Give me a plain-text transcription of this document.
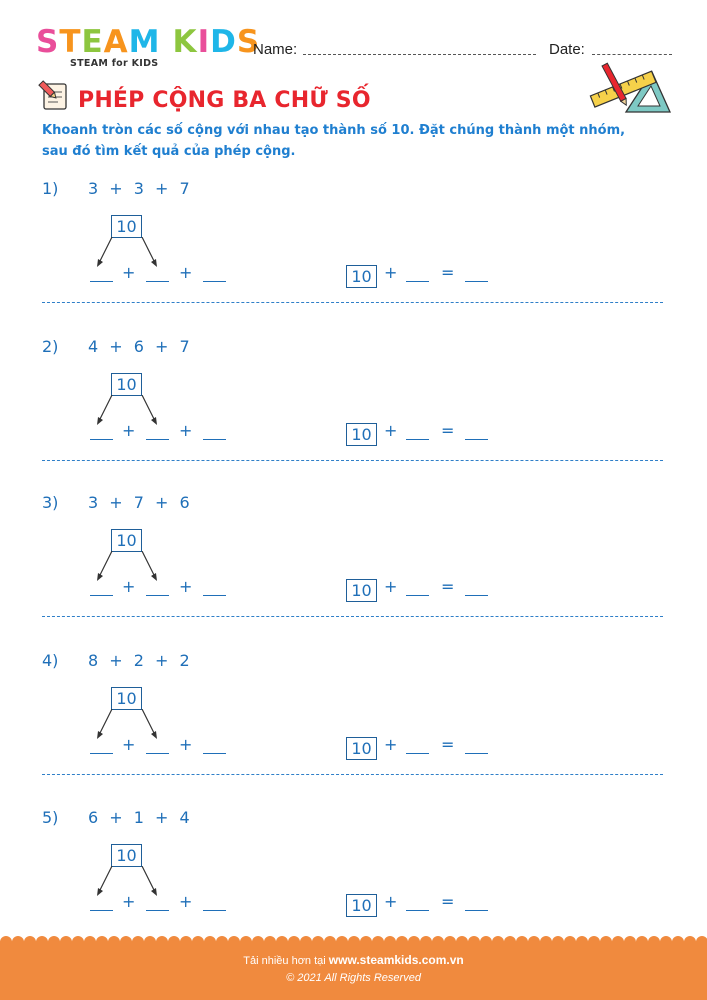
STEAM KIDS
STEAM for KIDS
Name:	Date:
PHÉP CỘNG BA CHỮ SỐ
Khoanh tròn các số cộng với nhau tạo thành số 10. Đặt chúng thành một nhóm,
sau đó tìm kết quả của phép cộng.
1) 3 + 3 + 7
10
+	+	10 +	=
2) 4 + 6 + 7
10
+	+	10 +	=
3) 3 + 7 + 6
10
+	+	10 +	=
4) 8 + 2 + 2
10
+	+	10 +	=
5) 6 + 1 + 4
10
+	+	10 +	=
Tải nhiều hơn tại www.steamkids.com.vn
© 2021 All Rights Reserved
